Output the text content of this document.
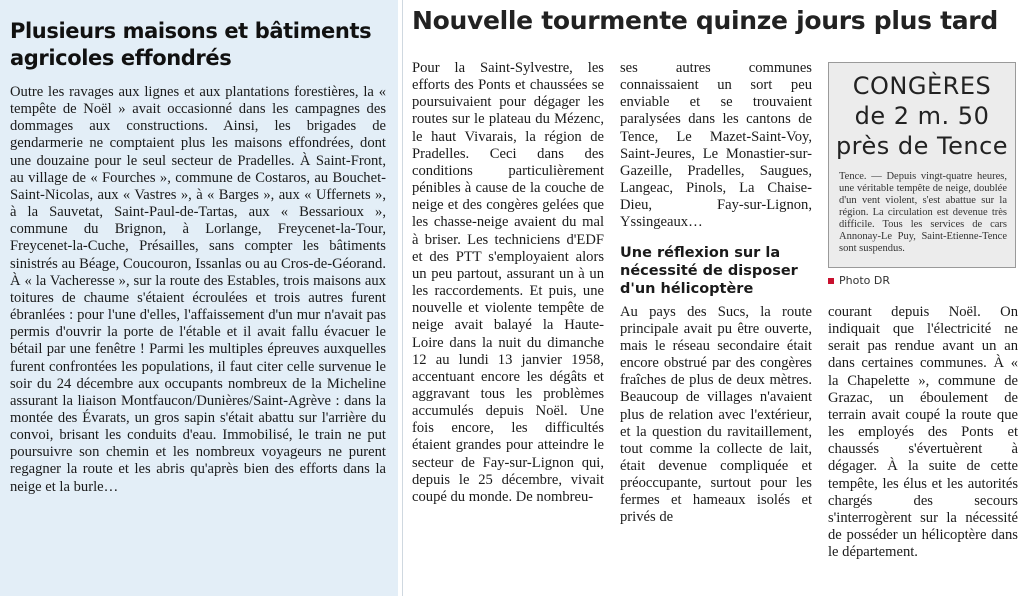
Plusieurs maisons et bâtiments agricoles effondrés

Outre les ravages aux lignes et aux plantations forestières, la « tempête de Noël » avait occasionné dans les campagnes des dommages aux constructions. Ainsi, les brigades de gendarmerie ne comptaient plus les maisons effondrées, dont une douzaine pour le seul secteur de Pradelles. À Saint-Front, au village de « Fourches », commune de Costaros, au Bouchet-Saint-Nicolas, aux « Vastres », à « Barges », aux « Uffernets », à la Sauvetat, Saint-Paul-de-Tartas, aux « Bessarioux », commune du Brignon, à Lorlange, Freycenet-la-Tour, Freycenet-la-Cuche, Présailles, sans compter les bâtiments sinistrés au Béage, Coucouron, Issanlas ou au Cros-de-Géorand. À « la Vacheresse », sur la route des Estables, trois maisons aux toitures de chaume s'étaient écroulées et trois autres furent ébranlées : pour l'une d'elles, l'affaissement d'un mur n'avait pas permis d'ouvrir la porte de l'étable et il avait fallu évacuer le bétail par une fenêtre ! Parmi les multiples épreuves auxquelles furent confrontées les populations, il faut citer celle survenue le soir du 24 décembre aux occupants nombreux de la Micheline assurant la liaison Montfaucon/Dunières/Saint-Agrève : dans la montée des Évarats, un gros sapin s'était abattu sur l'arrière du convoi, brisant les conduits d'eau. Immobilisé, le train ne put poursuivre son chemin et les nombreux voyageurs ne purent regagner la route et les abris qu'après bien des efforts dans la neige et la burle…

Nouvelle tourmente quinze jours plus tard

Pour la Saint-Sylvestre, les efforts des Ponts et chaussées se poursuivaient pour dégager les routes sur le plateau du Mézenc, le haut Vivarais, la région de Pradelles. Ceci dans des conditions particulièrement pénibles à cause de la couche de neige et des congères gelées que les chasse-neige avaient du mal à briser. Les techniciens d'EDF et des PTT s'employaient alors un peu partout, assurant un à un les raccordements. Et puis, une nouvelle et violente tempête de neige avait balayé la Haute-Loire dans la nuit du dimanche 12 au lundi 13 janvier 1958, accentuant encore les dégâts et aggravant tous les problèmes accumulés depuis Noël. Une fois encore, les difficultés étaient grandes pour atteindre le secteur de Fay-sur-Lignon qui, depuis le 25 décembre, vivait coupé du monde. De nombreu-

ses autres communes connaissaient un sort peu enviable et se trouvaient paralysées dans les cantons de Tence, Le Mazet-Saint-Voy, Saint-Jeures, Le Monastier-sur-Gazeille, Pradelles, Saugues, Langeac, Pinols, La Chaise-Dieu, Fay-sur-Lignon, Yssingeaux…

Une réflexion sur la nécessité de disposer d'un hélicoptère

Au pays des Sucs, la route principale avait pu être ouverte, mais le réseau secondaire était encore obstrué par des congères fraîches de plus de deux mètres. Beaucoup de villages n'avaient plus de relation avec l'extérieur, et la question du ravitaillement, tout comme la collecte de lait, était devenue compliquée et préoccupante, surtout pour les fermes et hameaux isolés et privés de

CONGÈRES
de 2 m. 50
près de Tence
Tence. — Depuis vingt-quatre heures, une véritable tempête de neige, doublée d'un vent violent, s'est abattue sur la région. La circulation est devenue très difficile. Tous les services de cars Annonay-Le Puy, Saint-Etienne-Tence sont suspendus.
Photo DR

courant depuis Noël. On indiquait que l'électricité ne serait pas rendue avant un an dans certaines communes. À « la Chapelette », commune de Grazac, un éboulement de terrain avait coupé la route que les employés des Ponts et chaussés s'évertuèrent à dégager. À la suite de cette tempête, les élus et les autorités chargés des secours s'interrogèrent sur la nécessité de posséder un hélicoptère dans le département.
